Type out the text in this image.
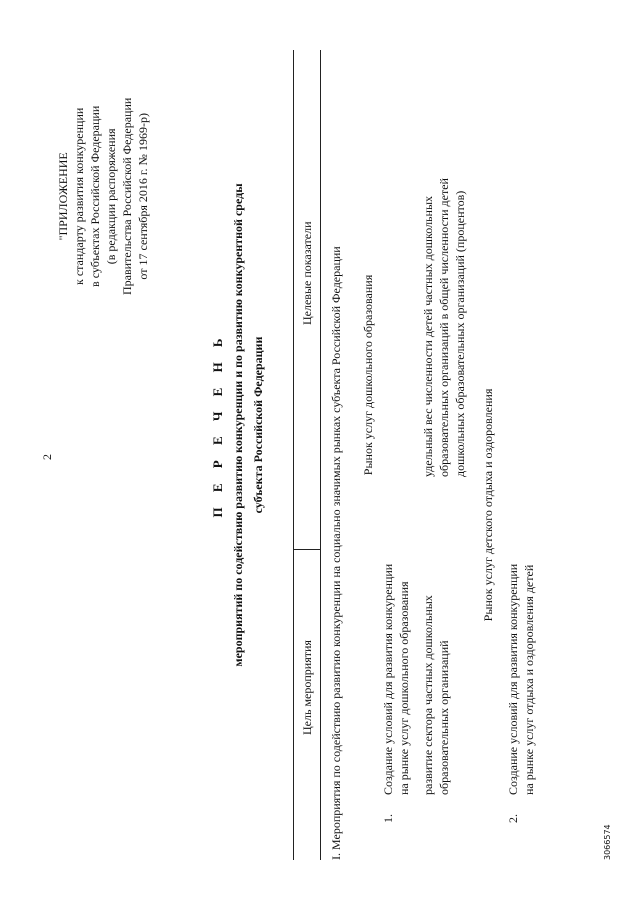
2
"ПРИЛОЖЕНИЕ к стандарту развития конкуренции в субъектах Российской Федерации (в редакции распоряжения Правительства Российской Федерации от 17 сентября 2016 г. № 1969-р)
П Е Р Е Ч Е Н Ь мероприятий по содействию развитию конкуренции и по развитию конкурентной среды субъекта Российской Федерации
Цель мероприятия
Целевые показатели I. Мероприятия по содействию развитию конкуренции на социально значимых рынках субъекта Российской Федерации Рынок услуг дошкольного образования
1.
Создание условий для развития конкуренции на рынке услуг дошкольного образования развитие сектора частных дошкольных образовательных организаций
удельный вес численности детей частных дошкольных образовательных организаций в общей численности детей дошкольных образовательных организаций (процентов)
Рынок услуг детского отдыха и оздоровления
2.
Создание условий для развития конкуренции на рынке услуг отдыха и оздоровления детей
3066574
